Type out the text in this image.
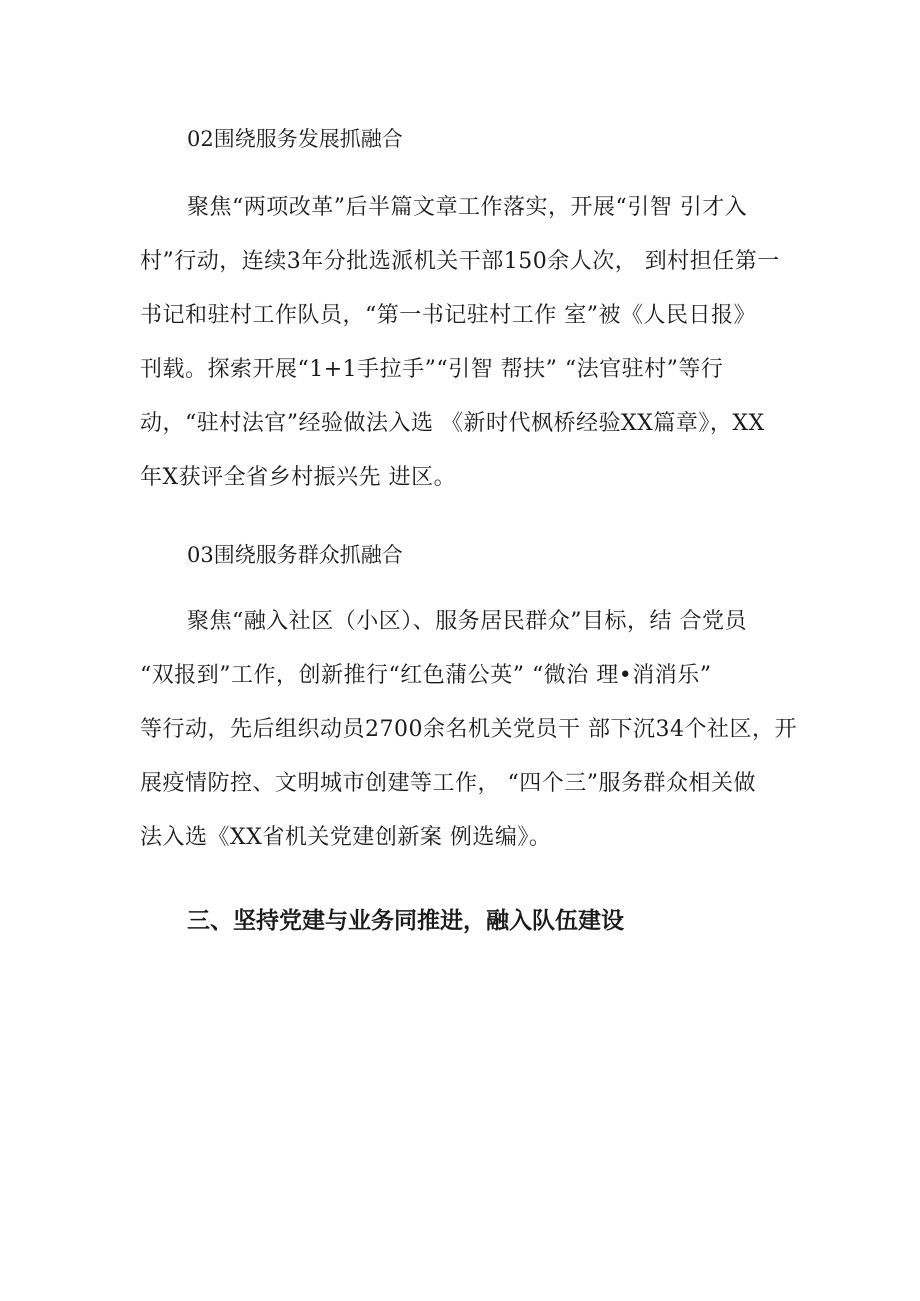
02围绕服务发展抓融合
聚焦“两项改革”后半篇文章工作落实，开展“引智 引才入
村”行动，连续3年分批选派机关干部150余人次， 到村担任第一
书记和驻村工作队员，“第一书记驻村工作 室”被《人民日报》
刊载。探索开展“1+1手拉手”“引智 帮扶” “法官驻村”等行
动，“驻村法官”经验做法入选 《新时代枫桥经验XX篇章》，XX
年X获评全省乡村振兴先 进区。
03围绕服务群众抓融合
聚焦“融入社区（小区）、服务居民群众”目标，结 合党员
“双报到”工作，创新推行“红色蒲公英” “微治 理•消消乐”
等行动，先后组织动员2700余名机关党员干 部下沉34个社区，开
展疫情防控、文明城市创建等工作， “四个三”服务群众相关做
法入选《XX省机关党建创新案 例选编》。
三、坚持党建与业务同推进，融入队伍建设
